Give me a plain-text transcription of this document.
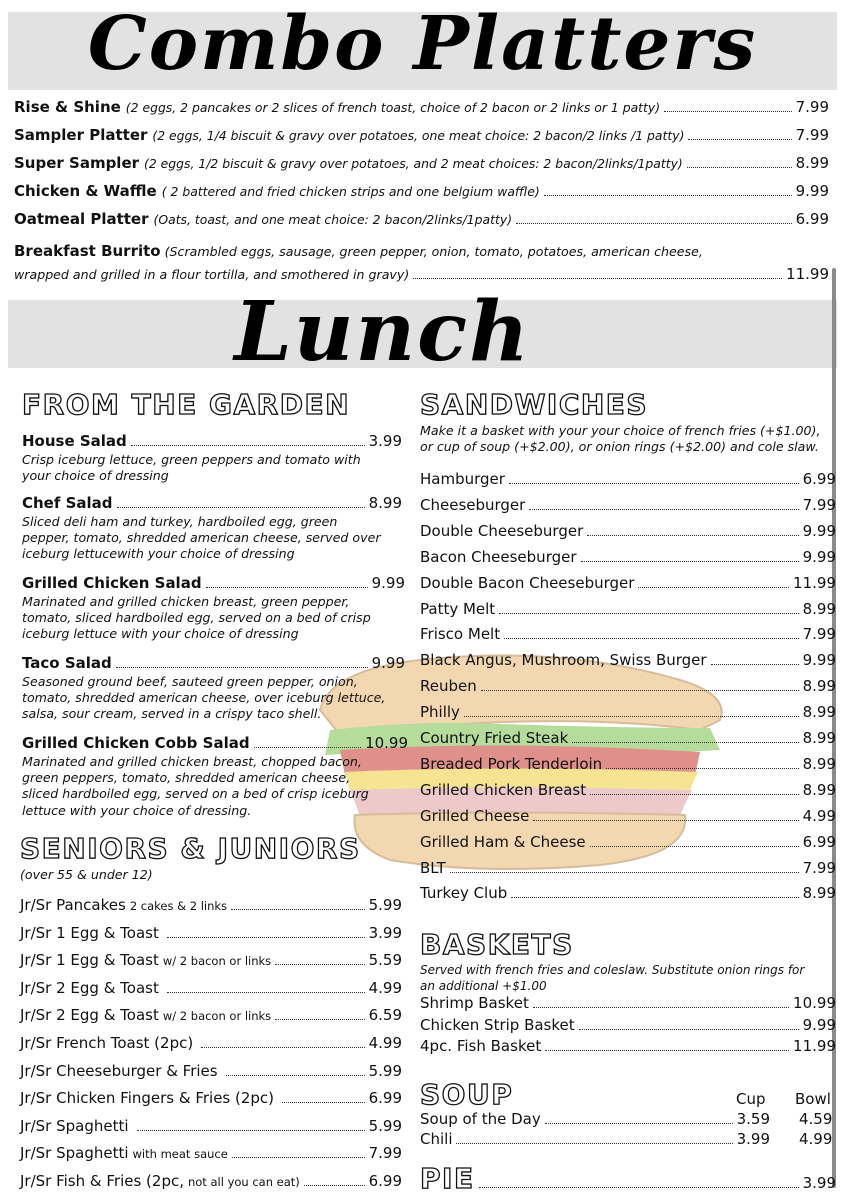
Combo Platters
Rise & Shine (2 eggs, 2 pancakes or 2 slices of french toast, choice of 2 bacon or 2 links or 1 patty)	7.99
Sampler Platter (2 eggs, 1/4 biscuit & gravy over potatoes, one meat choice: 2 bacon/2 links /1 patty)	7.99
Super Sampler (2 eggs, 1/2 biscuit & gravy over potatoes, and 2 meat choices: 2 bacon/2links/1patty)	8.99
Chicken & Waffle ( 2 battered and fried chicken strips and one belgium waffle)	9.99
Oatmeal Platter (Oats, toast, and one meat choice: 2 bacon/2links/1patty)	6.99
Breakfast Burrito (Scrambled eggs, sausage, green pepper, onion, tomato, potatoes, american cheese,
wrapped and grilled in a flour tortilla, and smothered in gravy)	11.99
Lunch
FROM THE GARDEN
House Salad	3.99
Crisp iceburg lettuce, green peppers and tomato with
your choice of dressing
Chef Salad	8.99
Sliced deli ham and turkey, hardboiled egg, green
pepper, tomato, shredded american cheese, served over
iceburg lettucewith your choice of dressing
Grilled Chicken Salad	9.99
Marinated and grilled chicken breast, green pepper,
tomato, sliced hardboiled egg, served on a bed of crisp
iceburg lettuce with your choice of dressing
Taco Salad	9.99
Seasoned ground beef, sauteed green pepper, onion,
tomato, shredded american cheese, over iceburg lettuce,
salsa, sour cream, served in a crispy taco shell.
Grilled Chicken Cobb Salad	10.99
Marinated and grilled chicken breast, chopped bacon,
green peppers, tomato, shredded american cheese,
sliced hardboiled egg, served on a bed of crisp iceburg
lettuce with your choice of dressing.
SENIORS & JUNIORS
(over 55 & under 12)
Jr/Sr Pancakes 2 cakes & 2 links	5.99
Jr/Sr 1 Egg & Toast	3.99
Jr/Sr 1 Egg & Toast w/ 2 bacon or links	5.59
Jr/Sr 2 Egg & Toast	4.99
Jr/Sr 2 Egg & Toast w/ 2 bacon or links	6.59
Jr/Sr French Toast (2pc)	4.99
Jr/Sr Cheeseburger & Fries	5.99
Jr/Sr Chicken Fingers & Fries (2pc)	6.99
Jr/Sr Spaghetti	5.99
Jr/Sr Spaghetti with meat sauce	7.99
Jr/Sr Fish & Fries (2pc, not all you can eat)	6.99
SANDWICHES
Make it a basket with your your choice of french fries (+$1.00),
or cup of soup (+$2.00), or onion rings (+$2.00) and cole slaw.
Hamburger	6.99
Cheeseburger	7.99
Double Cheeseburger	9.99
Bacon Cheeseburger	9.99
Double Bacon Cheeseburger	11.99
Patty Melt	8.99
Frisco Melt	7.99
Black Angus, Mushroom, Swiss Burger	9.99
Reuben	8.99
Philly	8.99
Country Fried Steak	8.99
Breaded Pork Tenderloin	8.99
Grilled Chicken Breast	8.99
Grilled Cheese	4.99
Grilled Ham & Cheese	6.99
BLT	7.99
Turkey Club	8.99
BASKETS
Served with french fries and coleslaw. Substitute onion rings for
an additional +$1.00
Shrimp Basket	10.99
Chicken Strip Basket	9.99
4pc. Fish Basket	11.99
SOUP	Cup Bowl
Soup of the Day	3.59 4.59
Chili	3.99 4.99
PIE	3.99
